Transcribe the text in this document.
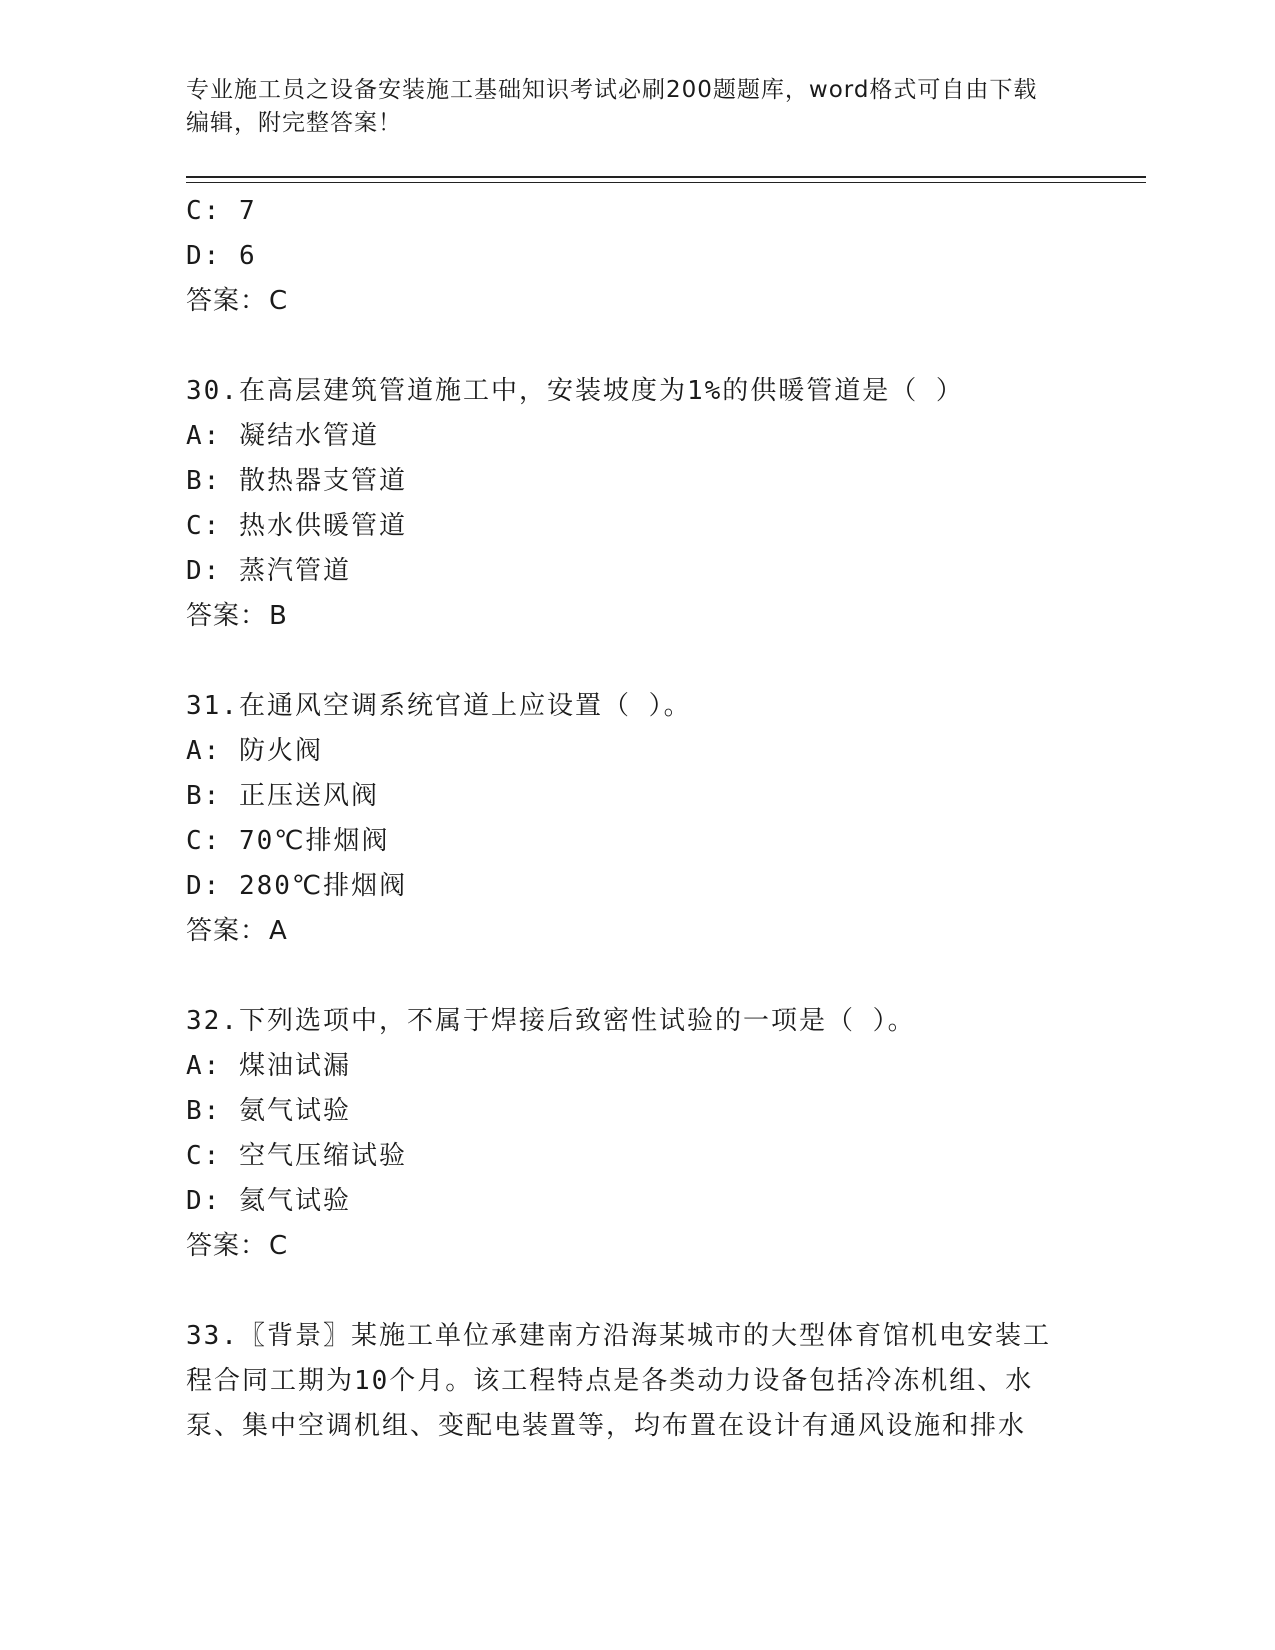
专业施工员之设备安装施工基础知识考试必刷200题题库，word格式可自由下载
编辑，附完整答案！
C: 7
D: 6
答案：C
30.在高层建筑管道施工中，安装坡度为1%的供暖管道是（ ）
A: 凝结水管道
B: 散热器支管道
C: 热水供暖管道
D: 蒸汽管道
答案：B
31.在通风空调系统官道上应设置（ ）。
A: 防火阀
B: 正压送风阀
C: 70℃排烟阀
D: 280℃排烟阀
答案：A
32.下列选项中，不属于焊接后致密性试验的一项是（ ）。
A: 煤油试漏
B: 氨气试验
C: 空气压缩试验
D: 氦气试验
答案：C
33.〖背景〗某施工单位承建南方沿海某城市的大型体育馆机电安装工
程合同工期为10个月。该工程特点是各类动力设备包括冷冻机组、水
泵、集中空调机组、变配电装置等，均布置在设计有通风设施和排水
